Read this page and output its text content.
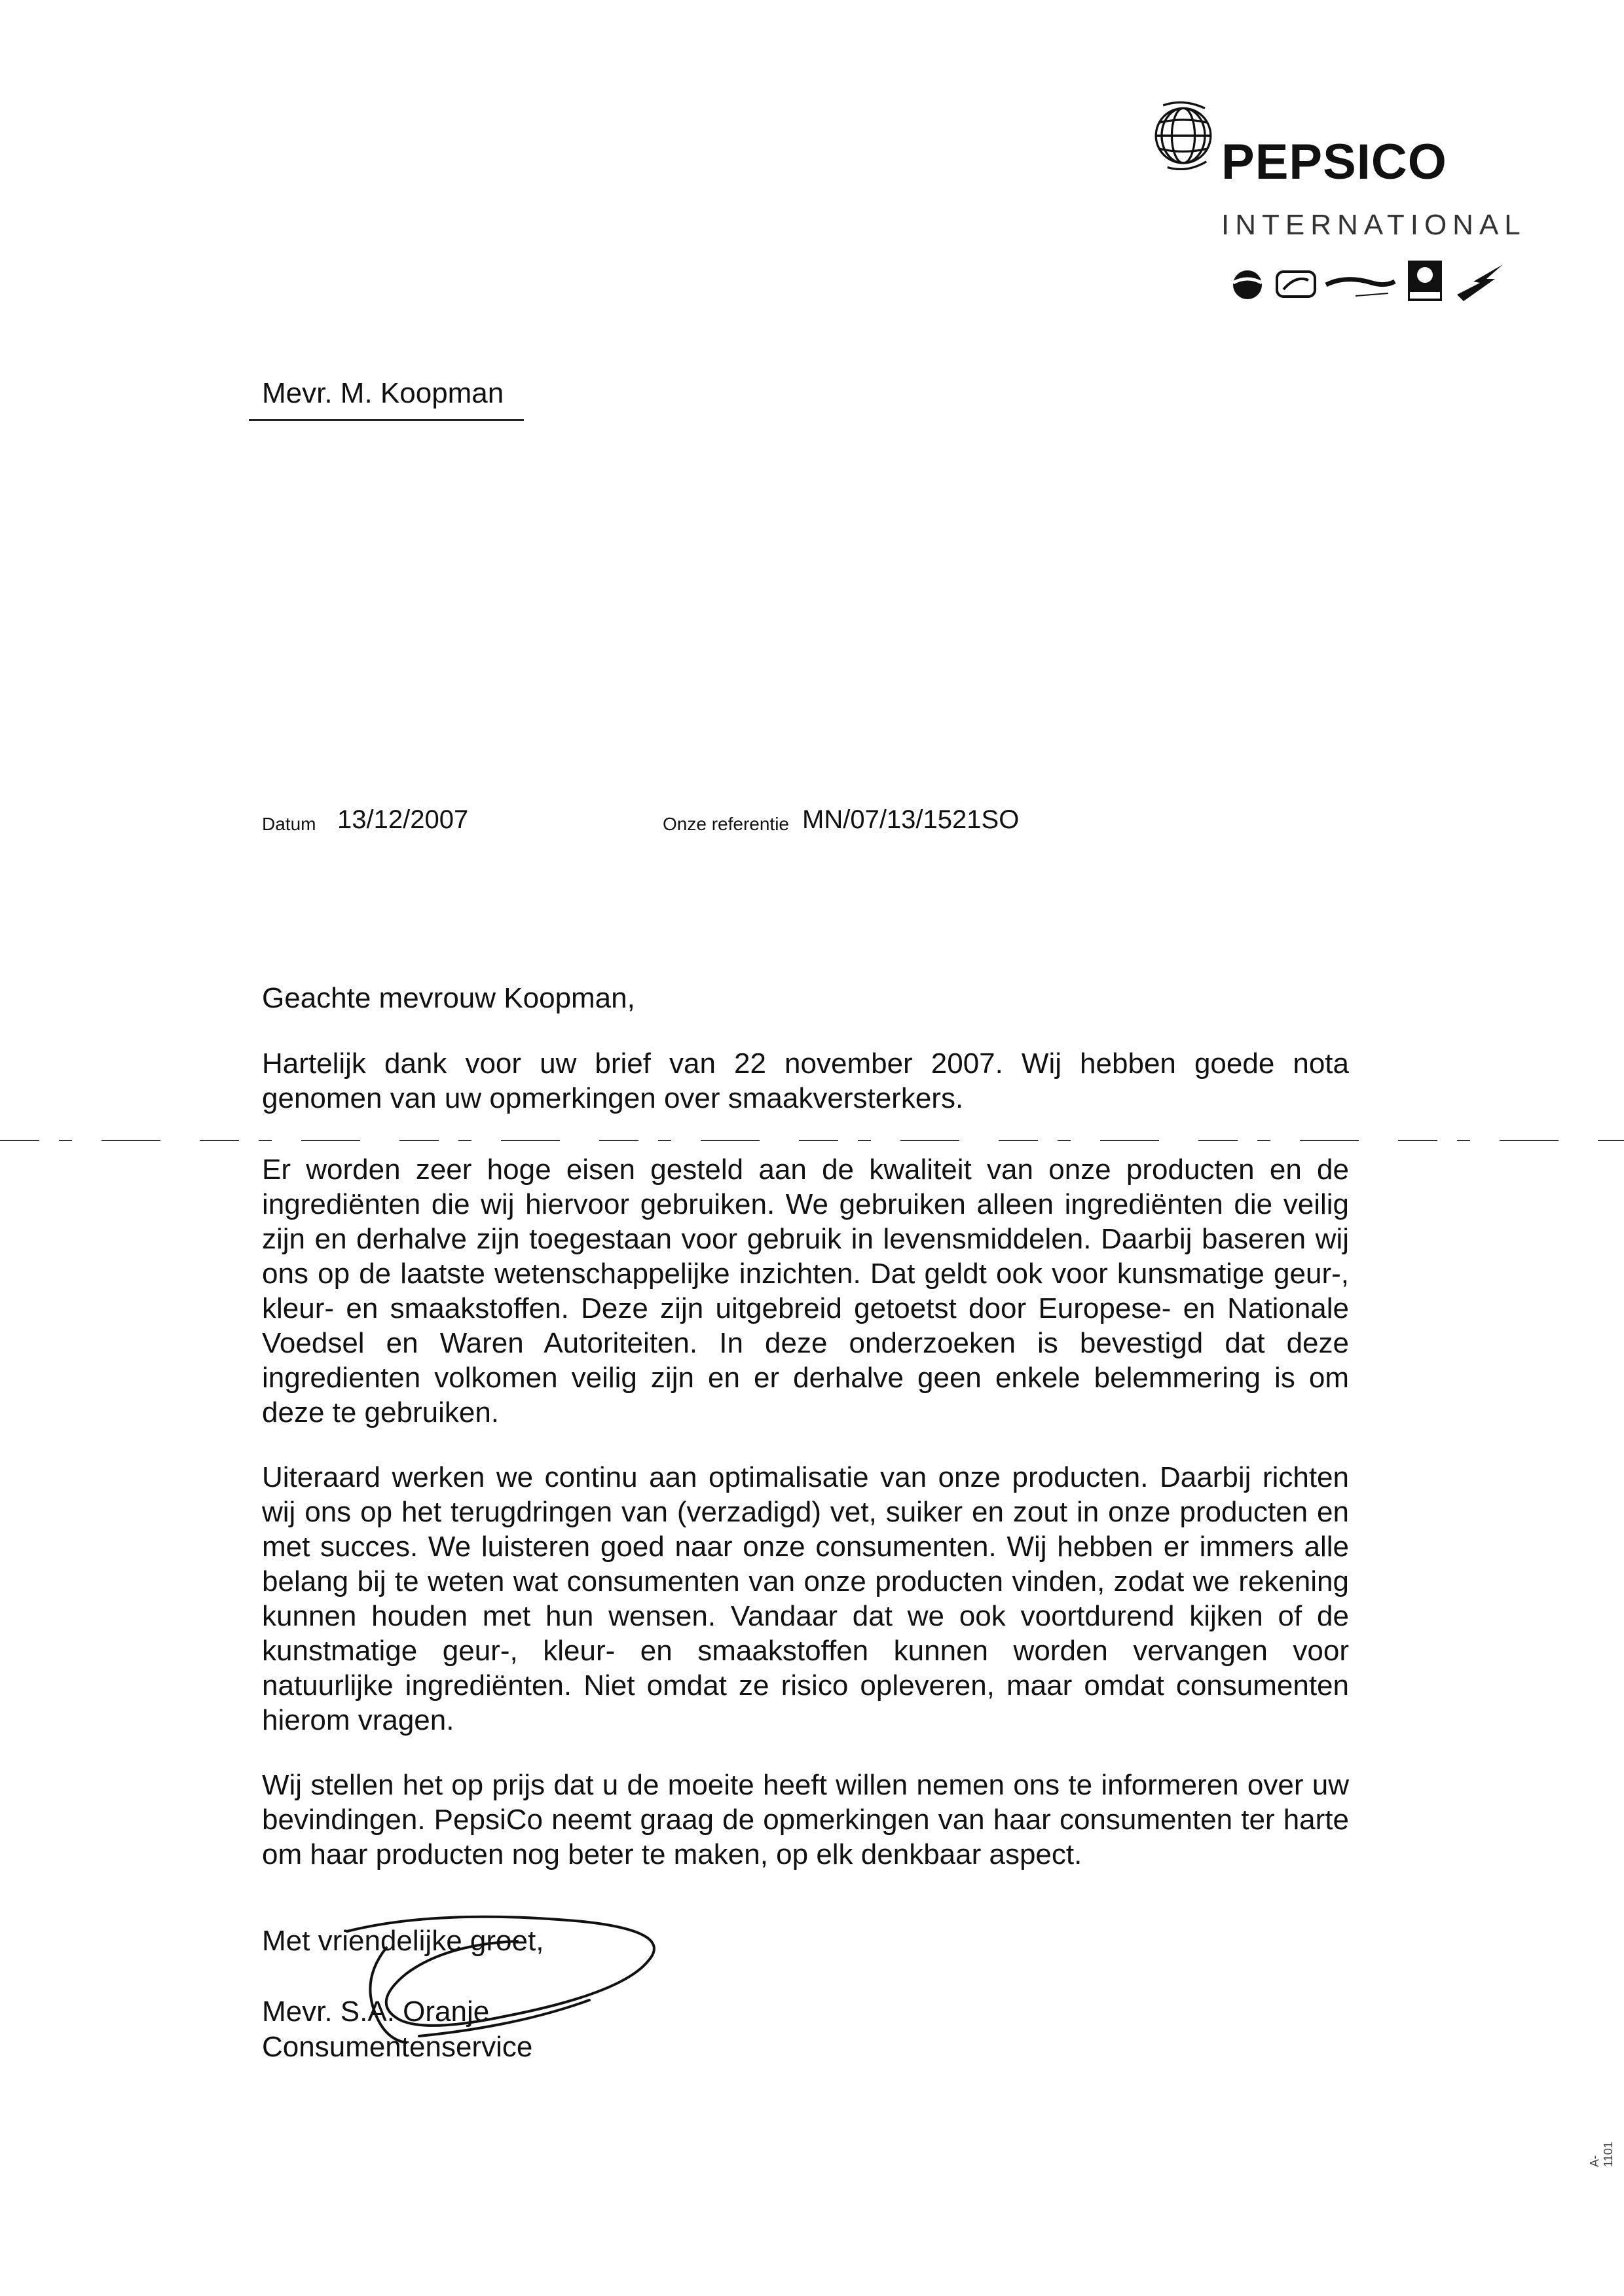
PEPSICO
INTERNATIONAL
Mevr. M. Koopman
Datum 13/12/2007	Onze referentie MN/07/13/1521SO

Geachte mevrouw Koopman,

Hartelijk dank voor uw brief van 22 november 2007. Wij hebben goede nota genomen van uw opmerkingen over smaakversterkers.

Er worden zeer hoge eisen gesteld aan de kwaliteit van onze producten en de ingrediënten die wij hiervoor gebruiken. We gebruiken alleen ingrediënten die veilig zijn en derhalve zijn toegestaan voor gebruik in levensmiddelen. Daarbij baseren wij ons op de laatste wetenschappelijke inzichten. Dat geldt ook voor kunsmatige geur-, kleur- en smaakstoffen. Deze zijn uitgebreid getoetst door Europese- en Nationale Voedsel en Waren Autoriteiten. In deze onderzoeken is bevestigd dat deze ingredienten volkomen veilig zijn en er derhalve geen enkele belemmering is om deze te gebruiken.

Uiteraard werken we continu aan optimalisatie van onze producten. Daarbij richten wij ons op het terugdringen van (verzadigd) vet, suiker en zout in onze producten en met succes. We luisteren goed naar onze consumenten. Wij hebben er immers alle belang bij te weten wat consumenten van onze producten vinden, zodat we rekening kunnen houden met hun wensen. Vandaar dat we ook voortdurend kijken of de kunstmatige geur-, kleur- en smaakstoffen kunnen worden vervangen voor natuurlijke ingrediënten. Niet omdat ze risico opleveren, maar omdat consumenten hierom vragen.

Wij stellen het op prijs dat u de moeite heeft willen nemen ons te informeren over uw bevindingen. PepsiCo neemt graag de opmerkingen van haar consumenten ter harte om haar producten nog beter te maken, op elk denkbaar aspect.

Met vriendelijke groet,
Mevr. S.A. Oranje
Consumentenservice
A-1101
